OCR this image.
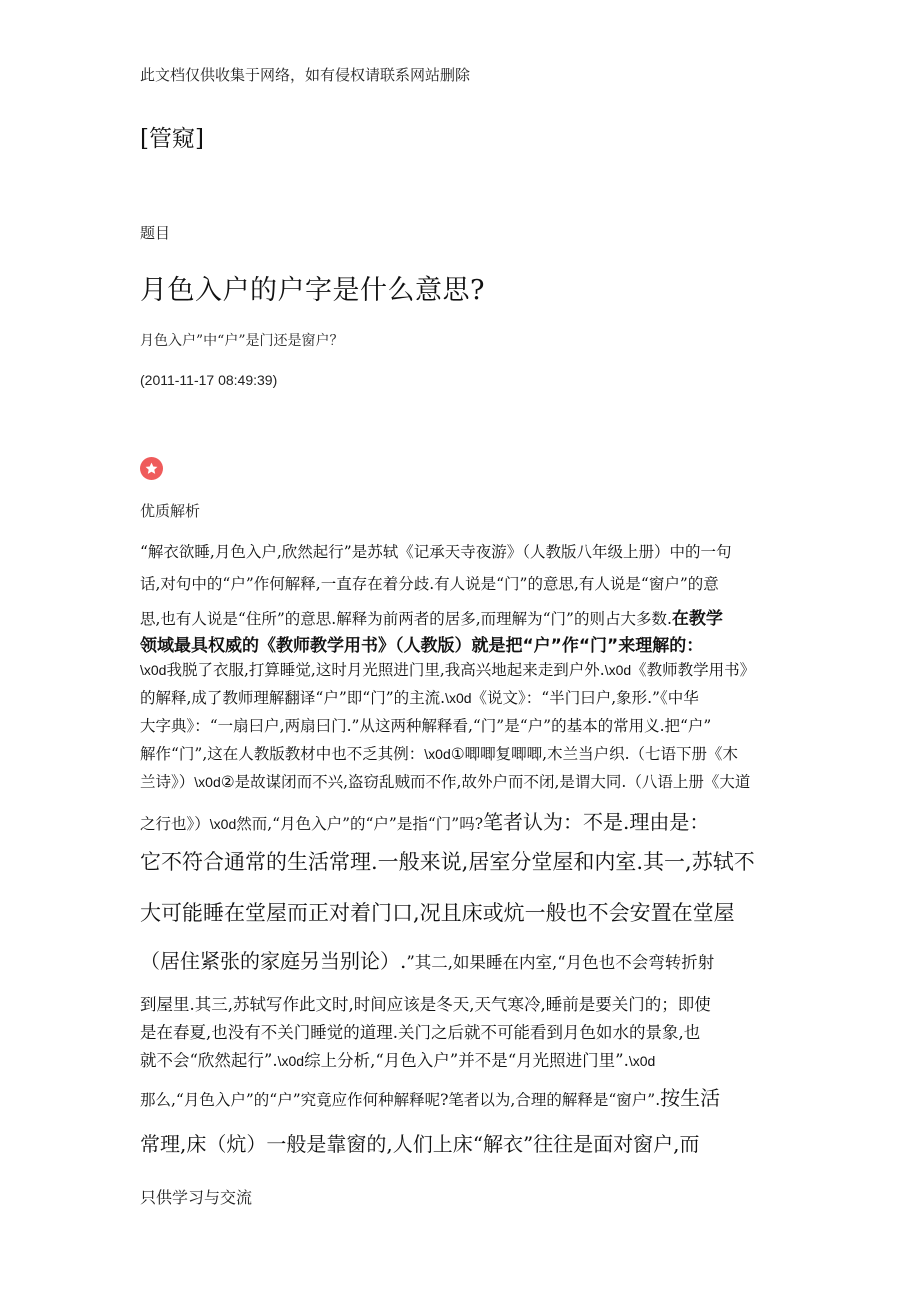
此文档仅供收集于网络，如有侵权请联系网站删除
[管窥]
题目
月色入户的户字是什么意思?
月色入户”中“户”是门还是窗户？
(2011-11-17 08:49:39)
优质解析
“解衣欲睡,月色入户,欣然起行”是苏轼《记承天寺夜游》（人教版八年级上册）中的一句
话,对句中的“户”作何解释,一直存在着分歧.有人说是“门”的意思,有人说是“窗户”的意
思,也有人说是“住所”的意思.解释为前两者的居多,而理解为“门”的则占大多数.在教学
领域最具权威的《教师教学用书》（人教版）就是把“户”作“门”来理解的：
\x0d我脱了衣服,打算睡觉,这时月光照进门里,我高兴地起来走到户外.\x0d《教师教学用书》
的解释,成了教师理解翻译“户”即“门”的主流.\x0d《说文》：“半门曰户,象形.”《中华
大字典》：“一扇曰户,两扇曰门.”从这两种解释看,“门”是“户”的基本的常用义.把“户”
解作“门”,这在人教版教材中也不乏其例：\x0d①唧唧复唧唧,木兰当户织.（七语下册《木
兰诗》）\x0d②是故谋闭而不兴,盗窃乱贼而不作,故外户而不闭,是谓大同.（八语上册《大道
之行也》）\x0d然而,“月色入户”的“户”是指“门”吗?笔者认为：不是.理由是：
它不符合通常的生活常理.一般来说,居室分堂屋和内室.其一,苏轼不
大可能睡在堂屋而正对着门口,况且床或炕一般也不会安置在堂屋
（居住紧张的家庭另当别论）.”其二,如果睡在内室,“月色也不会弯转折射
到屋里.其三,苏轼写作此文时,时间应该是冬天,天气寒冷,睡前是要关门的；即使
是在春夏,也没有不关门睡觉的道理.关门之后就不可能看到月色如水的景象,也
就不会“欣然起行”.\x0d综上分析,“月色入户”并不是“月光照进门里”.\x0d
那么,“月色入户”的“户”究竟应作何种解释呢?笔者以为,合理的解释是“窗户”.按生活
常理,床（炕）一般是靠窗的,人们上床“解衣”往往是面对窗户,而
只供学习与交流
